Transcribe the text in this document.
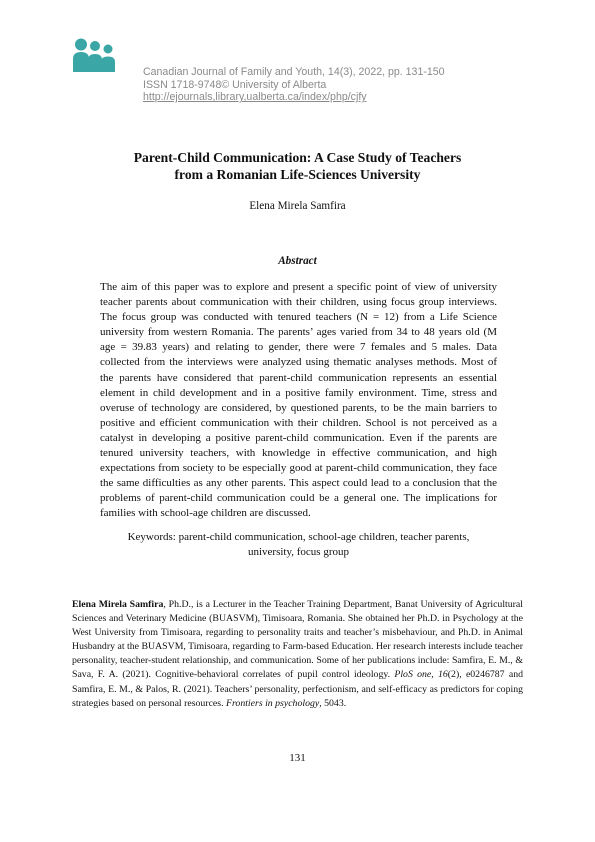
Canadian Journal of Family and Youth, 14(3), 2022, pp. 131-150
ISSN 1718-9748© University of Alberta
http://ejournals,library,ualberta.ca/index/php/cjfy
Parent-Child Communication: A Case Study of Teachers
from a Romanian Life-Sciences University
Elena Mirela Samfira
Abstract

The aim of this paper was to explore and present a specific point of view of university teacher parents about communication with their children, using focus group interviews. The focus group was conducted with tenured teachers (N = 12) from a Life Science university from western Romania. The parents’ ages varied from 34 to 48 years old (M age = 39.83 years) and relating to gender, there were 7 females and 5 males. Data collected from the interviews were analyzed using thematic analyses methods. Most of the parents have considered that parent-child communication represents an essential element in child development and in a positive family environment. Time, stress and overuse of technology are considered, by questioned parents, to be the main barriers to positive and efficient communication with their children. School is not perceived as a catalyst in developing a positive parent-child communication. Even if the parents are tenured university teachers, with knowledge in effective communication, and high expectations from society to be especially good at parent-child communication, they face the same difficulties as any other parents. This aspect could lead to a conclusion that the problems of parent-child communication could be a general one. The implications for families with school-age children are discussed.

Keywords: parent-child communication, school-age children, teacher parents,
university, focus group

Elena Mirela Samfira, Ph.D., is a Lecturer in the Teacher Training Department, Banat University of Agricultural Sciences and Veterinary Medicine (BUASVM), Timisoara, Romania. She obtained her Ph.D. in Psychology at the West University from Timisoara, regarding to personality traits and teacher’s misbehaviour, and Ph.D. in Animal Husbandry at the BUASVM, Timisoara, regarding to Farm-based Education. Her research interests include teacher personality, teacher-student relationship, and communication. Some of her publications include: Samfira, E. M., & Sava, F. A. (2021). Cognitive-behavioral correlates of pupil control ideology. PloS one, 16(2), e0246787 and Samfira, E. M., & Palos, R. (2021). Teachers’ personality, perfectionism, and self-efficacy as predictors for coping strategies based on personal resources. Frontiers in psychology, 5043.

131
